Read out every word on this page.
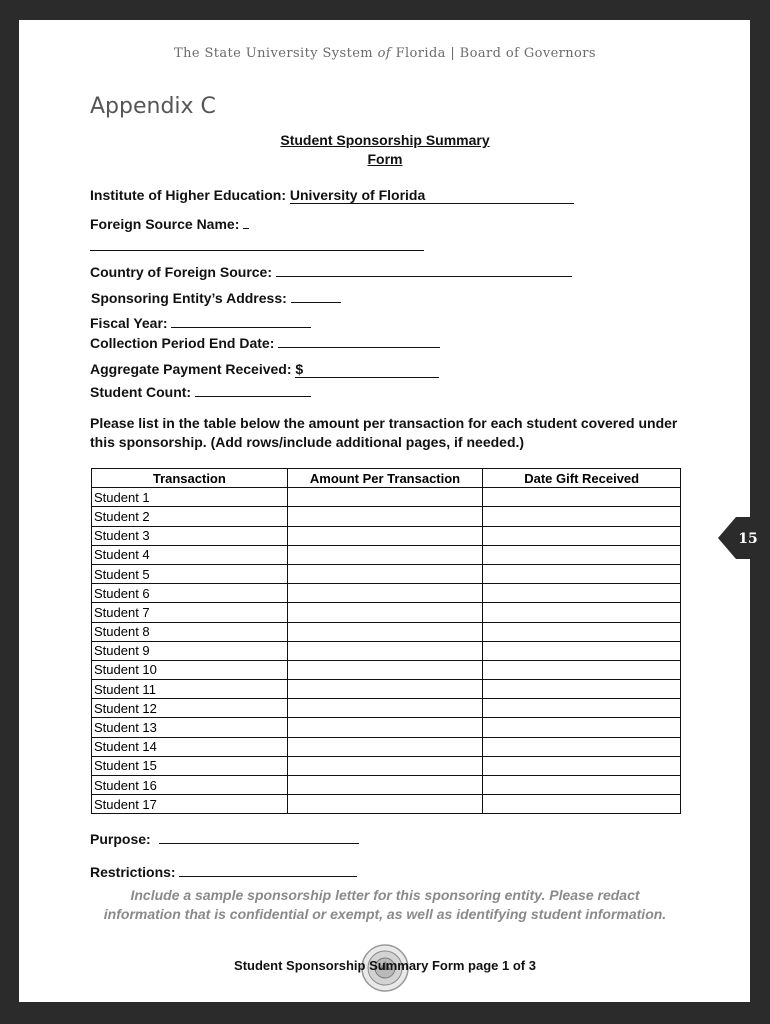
The State University System of Florida | Board of Governors
Appendix C
Student Sponsorship Summary
Form
Institute of Higher Education: University of Florida
Foreign Source Name:
Country of Foreign Source:
Sponsoring Entity’s Address:
Fiscal Year:
Collection Period End Date:
Aggregate Payment Received: $
Student Count:
Please list in the table below the amount per transaction for each student covered under this sponsorship. (Add rows/include additional pages, if needed.)
Transaction	Amount Per Transaction	Date Gift Received
Student 1		
Student 2		
Student 3		
Student 4		
Student 5		
Student 6		
Student 7		
Student 8		
Student 9		
Student 10		
Student 11		
Student 12		
Student 13		
Student 14		
Student 15		
Student 16		
Student 17		
Purpose:
Restrictions:
Include a sample sponsorship letter for this sponsoring entity. Please redact information that is confidential or exempt, as well as identifying student information.
Student Sponsorship Summary Form page 1 of 3
15
